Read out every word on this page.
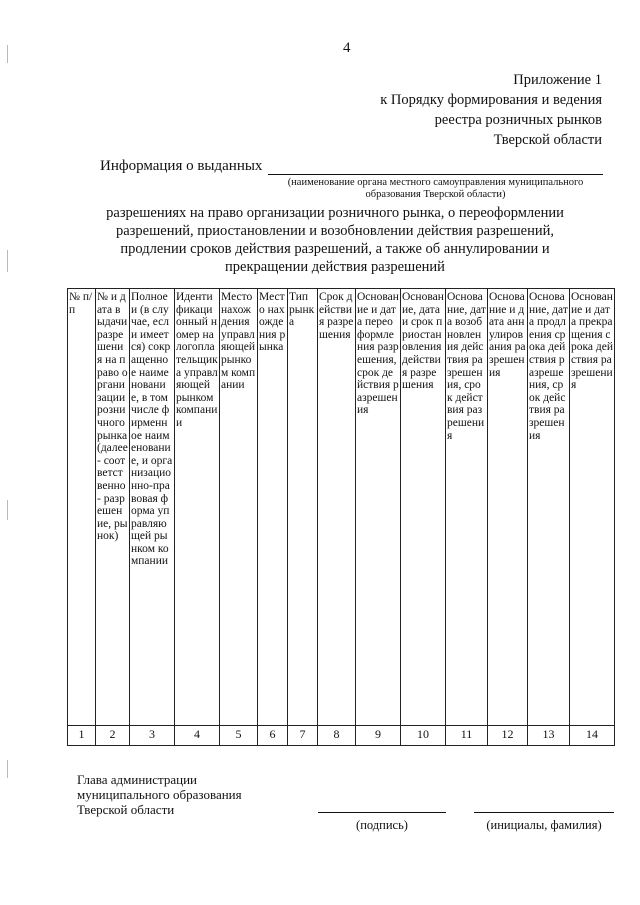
4
Приложение 1
к Порядку формирования и ведения
реестра розничных рынков
Тверской области
Информация о выданных
(наименование органа местного самоуправления муниципального
образования Тверской области)
разрешениях на право организации розничного рынка, о переоформлении
разрешений, приостановлении и возобновлении действия разрешений,
продлении сроков действия разрешений, а также об аннулировании и
прекращении действия разрешений
№ п/п	№ и дата выдачи разрешения на право организации розничного рынка (далее - соответственно - разрешение, рынок)	Полное и (в случае, если имеется) сокращенное наименование, в том числе фирменное наименование, и организационно-правовая форма управляющей рынком компании	Идентификационный номер налогоплательщика управляющей рынком компании	Место нахождения управляющей рынком компании	Место нахождения рынка	Тип рынка	Срок действия разрешения	Основание и дата переоформления разрешения, срок действия разрешения	Основание, дата и срок приостановления действия разрешения	Основание, дата возобновления действия разрешения, срок действия разрешения	Основание и дата аннулирования разрешения	Основание, дата продления срока действия разрешения, срок действия разрешения	Основание и дата прекращения срока действия разрешения
1	2	3	4	5	6	7	8	9	10	11	12	13	14
Глава администрации
муниципального образования
Тверской области
(подпись)	(инициалы, фамилия)
